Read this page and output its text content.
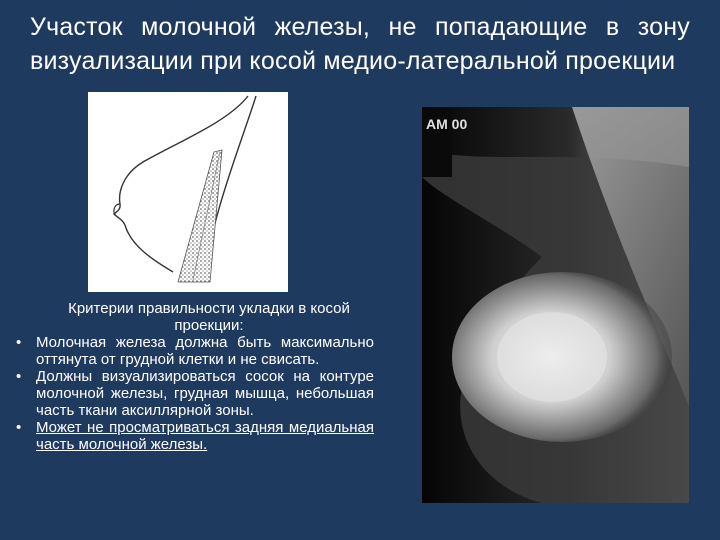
Участок молочной железы, не попадающие в зону визуализации при косой медио-латеральной проекции
AM 00
Критерии правильности укладки в косой проекции:
• Молочная железа должна быть максимально оттянута от грудной клетки и не свисать.
• Должны визуализироваться сосок на контуре молочной железы, грудная мышца, небольшая часть ткани аксиллярной зоны.
• Может не просматриваться задняя медиальная часть молочной железы.
